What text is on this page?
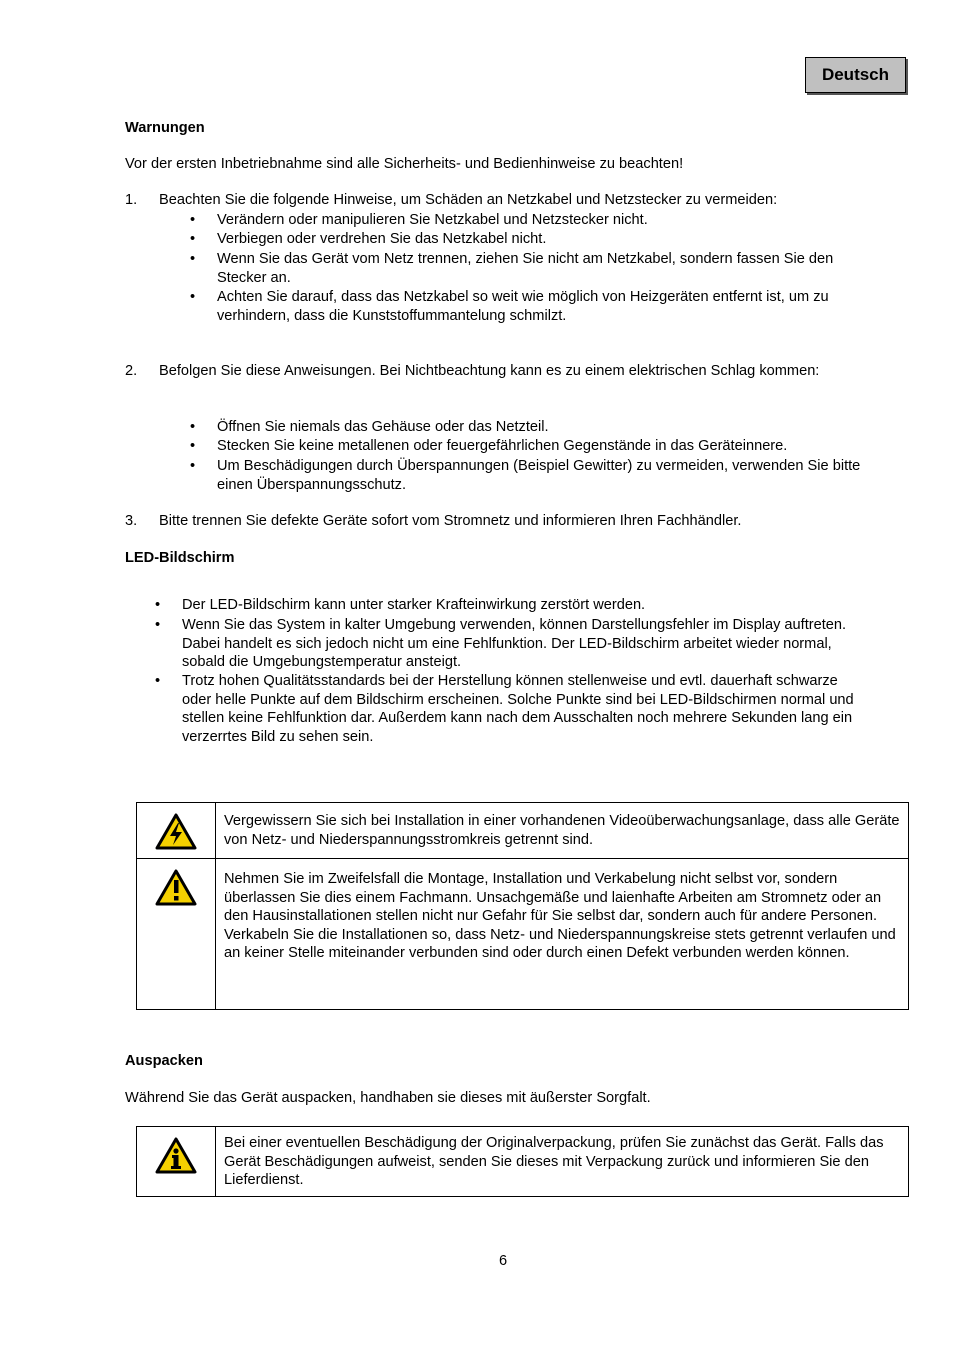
Deutsch
Warnungen
Vor der ersten Inbetriebnahme sind alle Sicherheits- und Bedienhinweise zu beachten!
1. Beachten Sie die folgende Hinweise, um Schäden an Netzkabel und Netzstecker zu vermeiden:
• Verändern oder manipulieren Sie Netzkabel und Netzstecker nicht.
• Verbiegen oder verdrehen Sie das Netzkabel nicht.
• Wenn Sie das Gerät vom Netz trennen, ziehen Sie nicht am Netzkabel, sondern fassen Sie den Stecker an.
• Achten Sie darauf, dass das Netzkabel so weit wie möglich von Heizgeräten entfernt ist, um zu verhindern, dass die Kunststoffummantelung schmilzt.
2. Befolgen Sie diese Anweisungen. Bei Nichtbeachtung kann es zu einem elektrischen Schlag kommen:
• Öffnen Sie niemals das Gehäuse oder das Netzteil.
• Stecken Sie keine metallenen oder feuergefährlichen Gegenstände in das Geräteinnere.
• Um Beschädigungen durch Überspannungen (Beispiel Gewitter) zu vermeiden, verwenden Sie bitte einen Überspannungsschutz.
3. Bitte trennen Sie defekte Geräte sofort vom Stromnetz und informieren Ihren Fachhändler.
LED-Bildschirm
• Der LED-Bildschirm kann unter starker Krafteinwirkung zerstört werden.
• Wenn Sie das System in kalter Umgebung verwenden, können Darstellungsfehler im Display auftreten. Dabei handelt es sich jedoch nicht um eine Fehlfunktion. Der LED-Bildschirm arbeitet wieder normal, sobald die Umgebungstemperatur ansteigt.
• Trotz hohen Qualitätsstandards bei der Herstellung können stellenweise und evtl. dauerhaft schwarze oder helle Punkte auf dem Bildschirm erscheinen. Solche Punkte sind bei LED-Bildschirmen normal und stellen keine Fehlfunktion dar. Außerdem kann nach dem Ausschalten noch mehrere Sekunden lang ein verzerrtes Bild zu sehen sein.

Vergewissern Sie sich bei Installation in einer vorhandenen Videoüberwachungsanlage, dass alle Geräte von Netz- und Niederspannungsstromkreis getrennt sind.

Nehmen Sie im Zweifelsfall die Montage, Installation und Verkabelung nicht selbst vor, sondern überlassen Sie dies einem Fachmann. Unsachgemäße und laienhafte Arbeiten am Stromnetz oder an den Hausinstallationen stellen nicht nur Gefahr für Sie selbst dar, sondern auch für andere Personen.

Verkabeln Sie die Installationen so, dass Netz- und Niederspannungskreise stets getrennt verlaufen und an keiner Stelle miteinander verbunden sind oder durch einen Defekt verbunden werden können.

Auspacken
Während Sie das Gerät auspacken, handhaben sie dieses mit äußerster Sorgfalt.

Bei einer eventuellen Beschädigung der Originalverpackung, prüfen Sie zunächst das Gerät. Falls das Gerät Beschädigungen aufweist, senden Sie dieses mit Verpackung zurück und informieren Sie den Lieferdienst.

6
